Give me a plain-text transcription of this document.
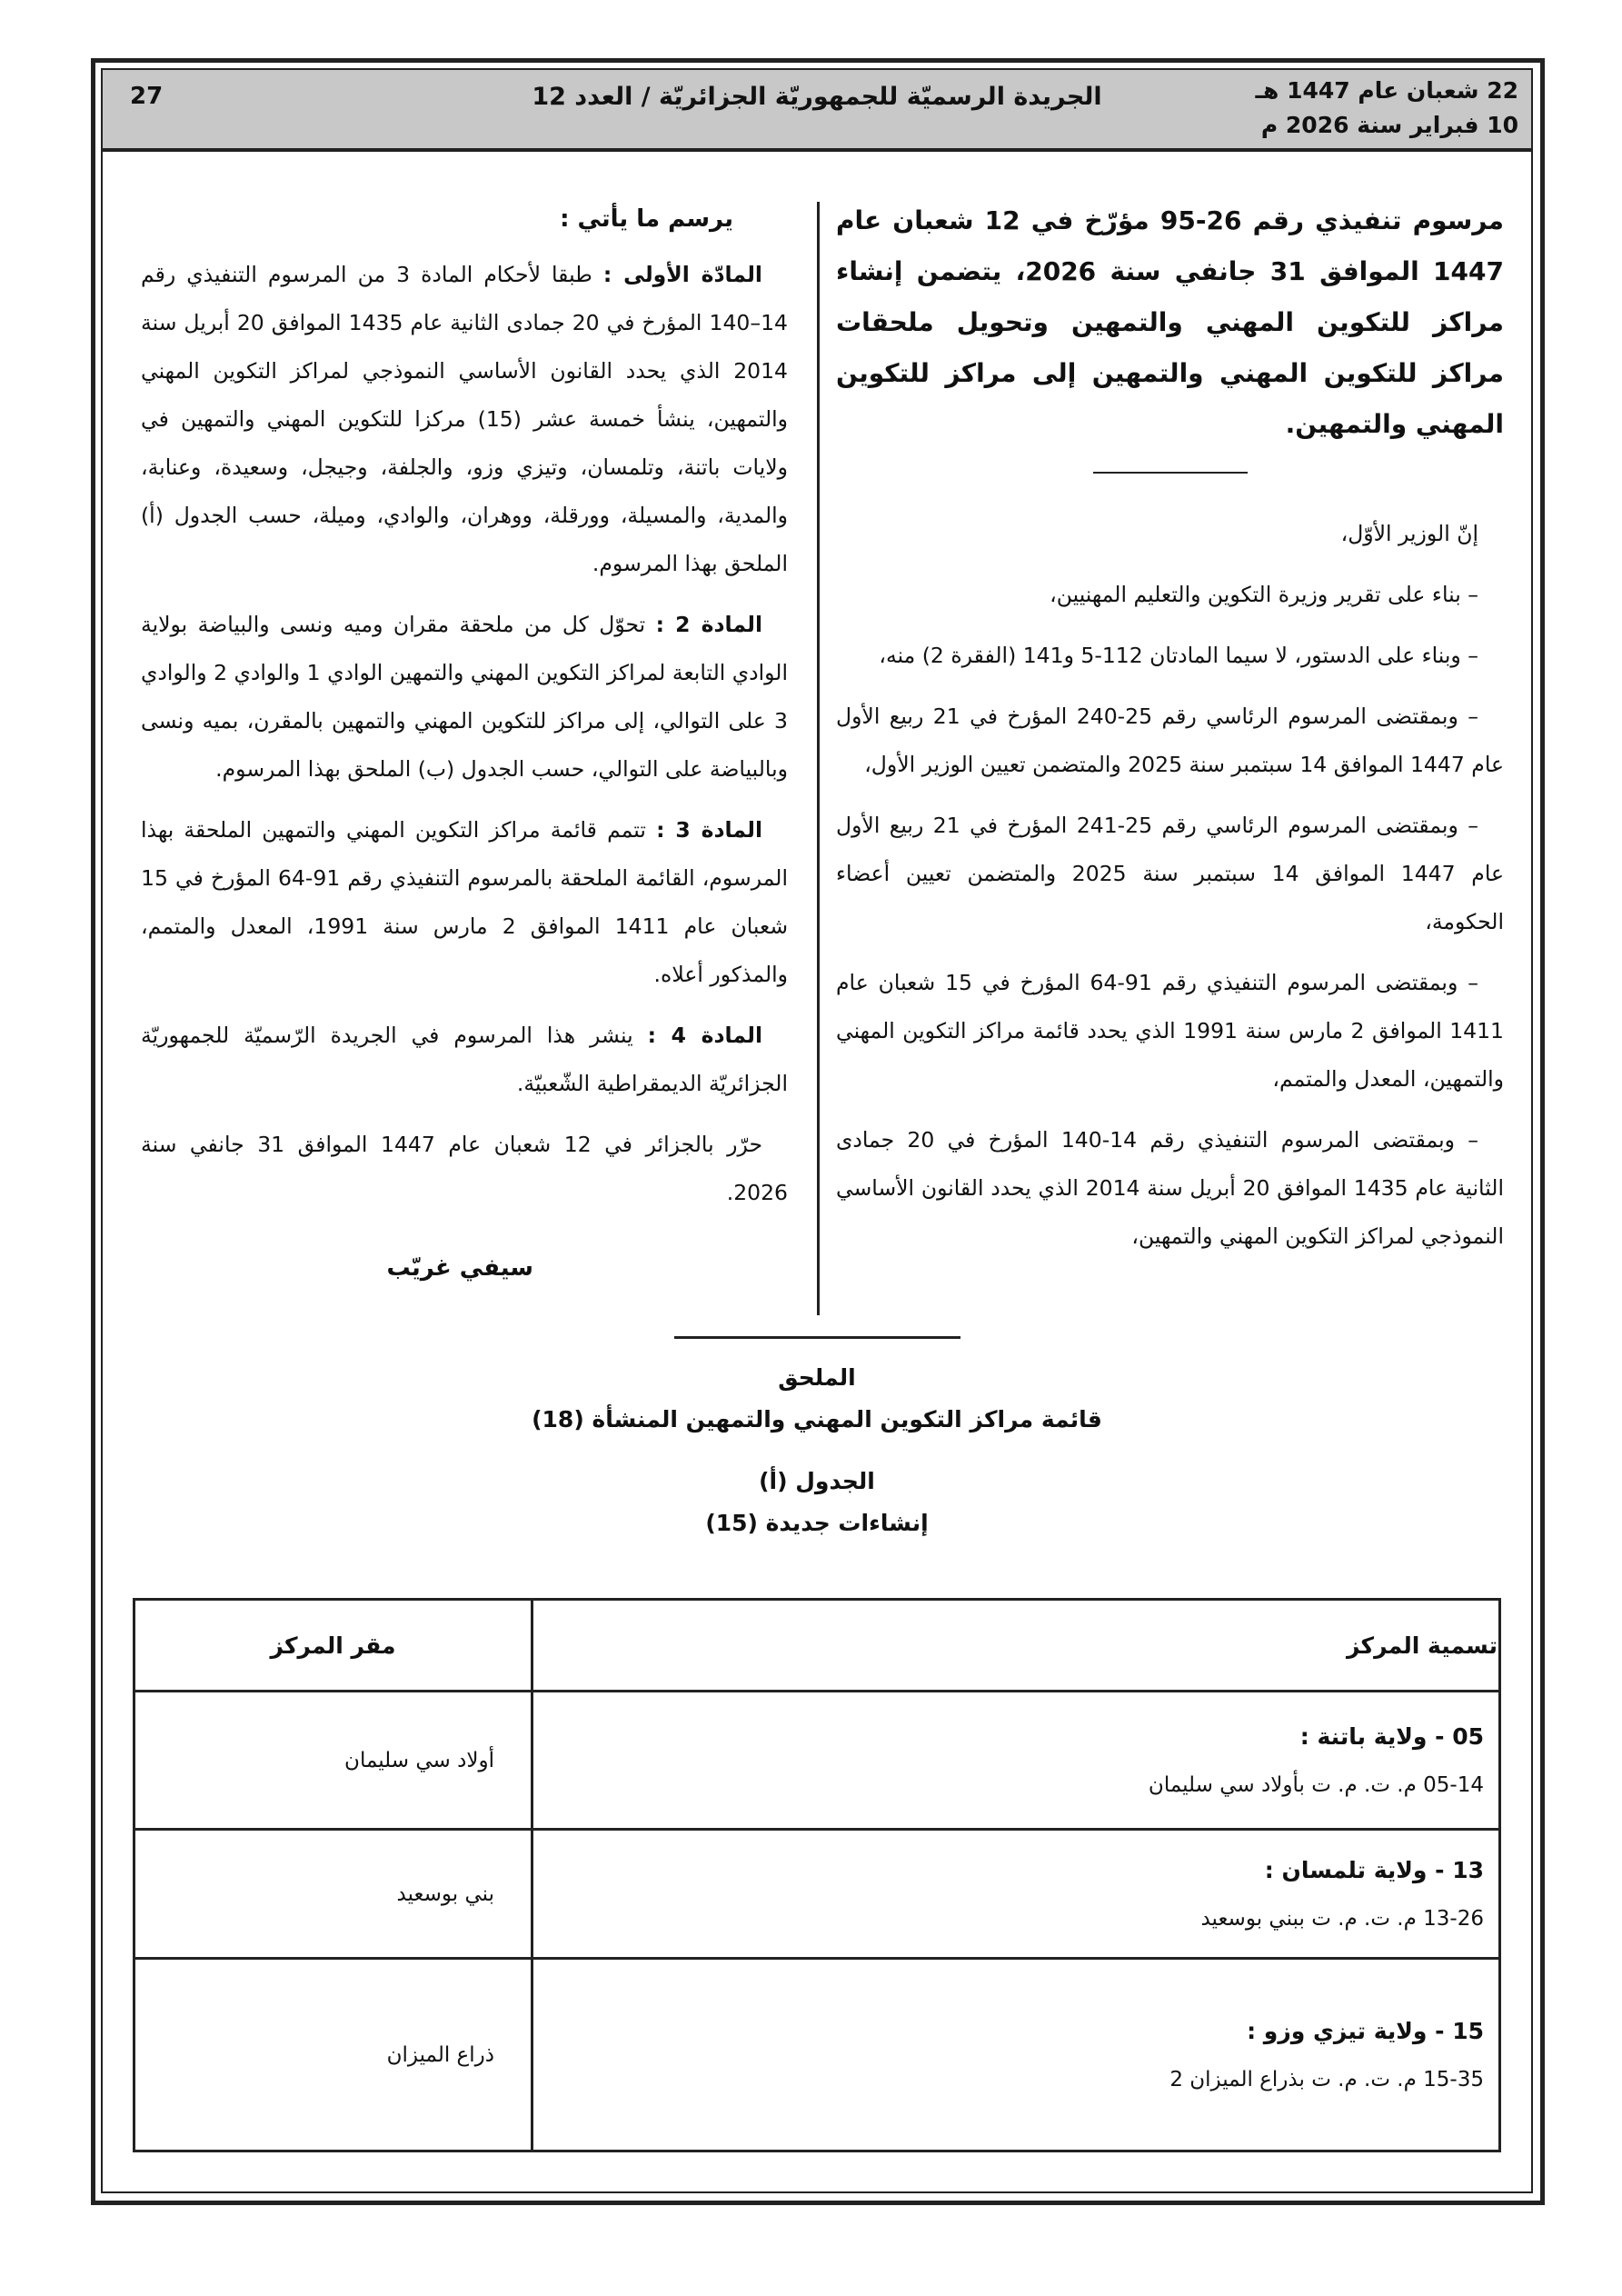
22 شعبان عام 1447 هـ
10 فبراير سنة 2026 م
الجريدة الرسميّة للجمهوريّة الجزائريّة / العدد 12
27
مرسوم تنفيذي رقم 26-95 مؤرّخ في 12 شعبان عام 1447 الموافق 31 جانفي سنة 2026، يتضمن إنشاء مراكز للتكوين المهني والتمهين وتحويل ملحقات مراكز للتكوين المهني والتمهين إلى مراكز للتكوين المهني والتمهين.

إنّ الوزير الأوّل،

– بناء على تقرير وزيرة التكوين والتعليم المهنيين،

– وبناء على الدستور، لا سيما المادتان 112-5 و141 (الفقرة 2) منه،

– وبمقتضى المرسوم الرئاسي رقم 25-240 المؤرخ في 21 ربيع الأول عام 1447 الموافق 14 سبتمبر سنة 2025 والمتضمن تعيين الوزير الأول،

– وبمقتضى المرسوم الرئاسي رقم 25-241 المؤرخ في 21 ربيع الأول عام 1447 الموافق 14 سبتمبر سنة 2025 والمتضمن تعيين أعضاء الحكومة،

– وبمقتضى المرسوم التنفيذي رقم 91-64 المؤرخ في 15 شعبان عام 1411 الموافق 2 مارس سنة 1991 الذي يحدد قائمة مراكز التكوين المهني والتمهين، المعدل والمتمم،

– وبمقتضى المرسوم التنفيذي رقم 14-140 المؤرخ في 20 جمادى الثانية عام 1435 الموافق 20 أبريل سنة 2014 الذي يحدد القانون الأساسي النموذجي لمراكز التكوين المهني والتمهين،

يرسم ما يأتي :

المادّة الأولى : طبقا لأحكام المادة 3 من المرسوم التنفيذي رقم 14–140 المؤرخ في 20 جمادى الثانية عام 1435 الموافق 20 أبريل سنة 2014 الذي يحدد القانون الأساسي النموذجي لمراكز التكوين المهني والتمهين، ينشأ خمسة عشر (15) مركزا للتكوين المهني والتمهين في ولايات باتنة، وتلمسان، وتيزي وزو، والجلفة، وجيجل، وسعيدة، وعنابة، والمدية، والمسيلة، وورقلة، ووهران، والوادي، وميلة، حسب الجدول (أ) الملحق بهذا المرسوم.

المادة 2 : تحوّل كل من ملحقة مقران وميه ونسى والبياضة بولاية الوادي التابعة لمراكز التكوين المهني والتمهين الوادي 1 والوادي 2 والوادي 3 على التوالي، إلى مراكز للتكوين المهني والتمهين بالمقرن، بميه ونسى وبالبياضة على التوالي، حسب الجدول (ب) الملحق بهذا المرسوم.

المادة 3 : تتمم قائمة مراكز التكوين المهني والتمهين الملحقة بهذا المرسوم، القائمة الملحقة بالمرسوم التنفيذي رقم 91-64 المؤرخ في 15 شعبان عام 1411 الموافق 2 مارس سنة 1991، المعدل والمتمم، والمذكور أعلاه.

المادة 4 : ينشر هذا المرسوم في الجريدة الرّسميّة للجمهوريّة الجزائريّة الديمقراطية الشّعبيّة.

حرّر بالجزائر في 12 شعبان عام 1447 الموافق 31 جانفي سنة 2026.

سيفي غريّب
الملحق
قائمة مراكز التكوين المهني والتمهين المنشأة (18)
الجدول (أ)
إنشاءات جديدة (15)
تسمية المركز	مقر المركز

05 - ولاية باتنة :
05-14 م. ت. م. ت بأولاد سي سليمان	أولاد سي سليمان

13 - ولاية تلمسان :
13-26 م. ت. م. ت ببني بوسعيد	بني بوسعيد

15 - ولاية تيزي وزو :
15-35 م. ت. م. ت بذراع الميزان 2	ذراع الميزان
